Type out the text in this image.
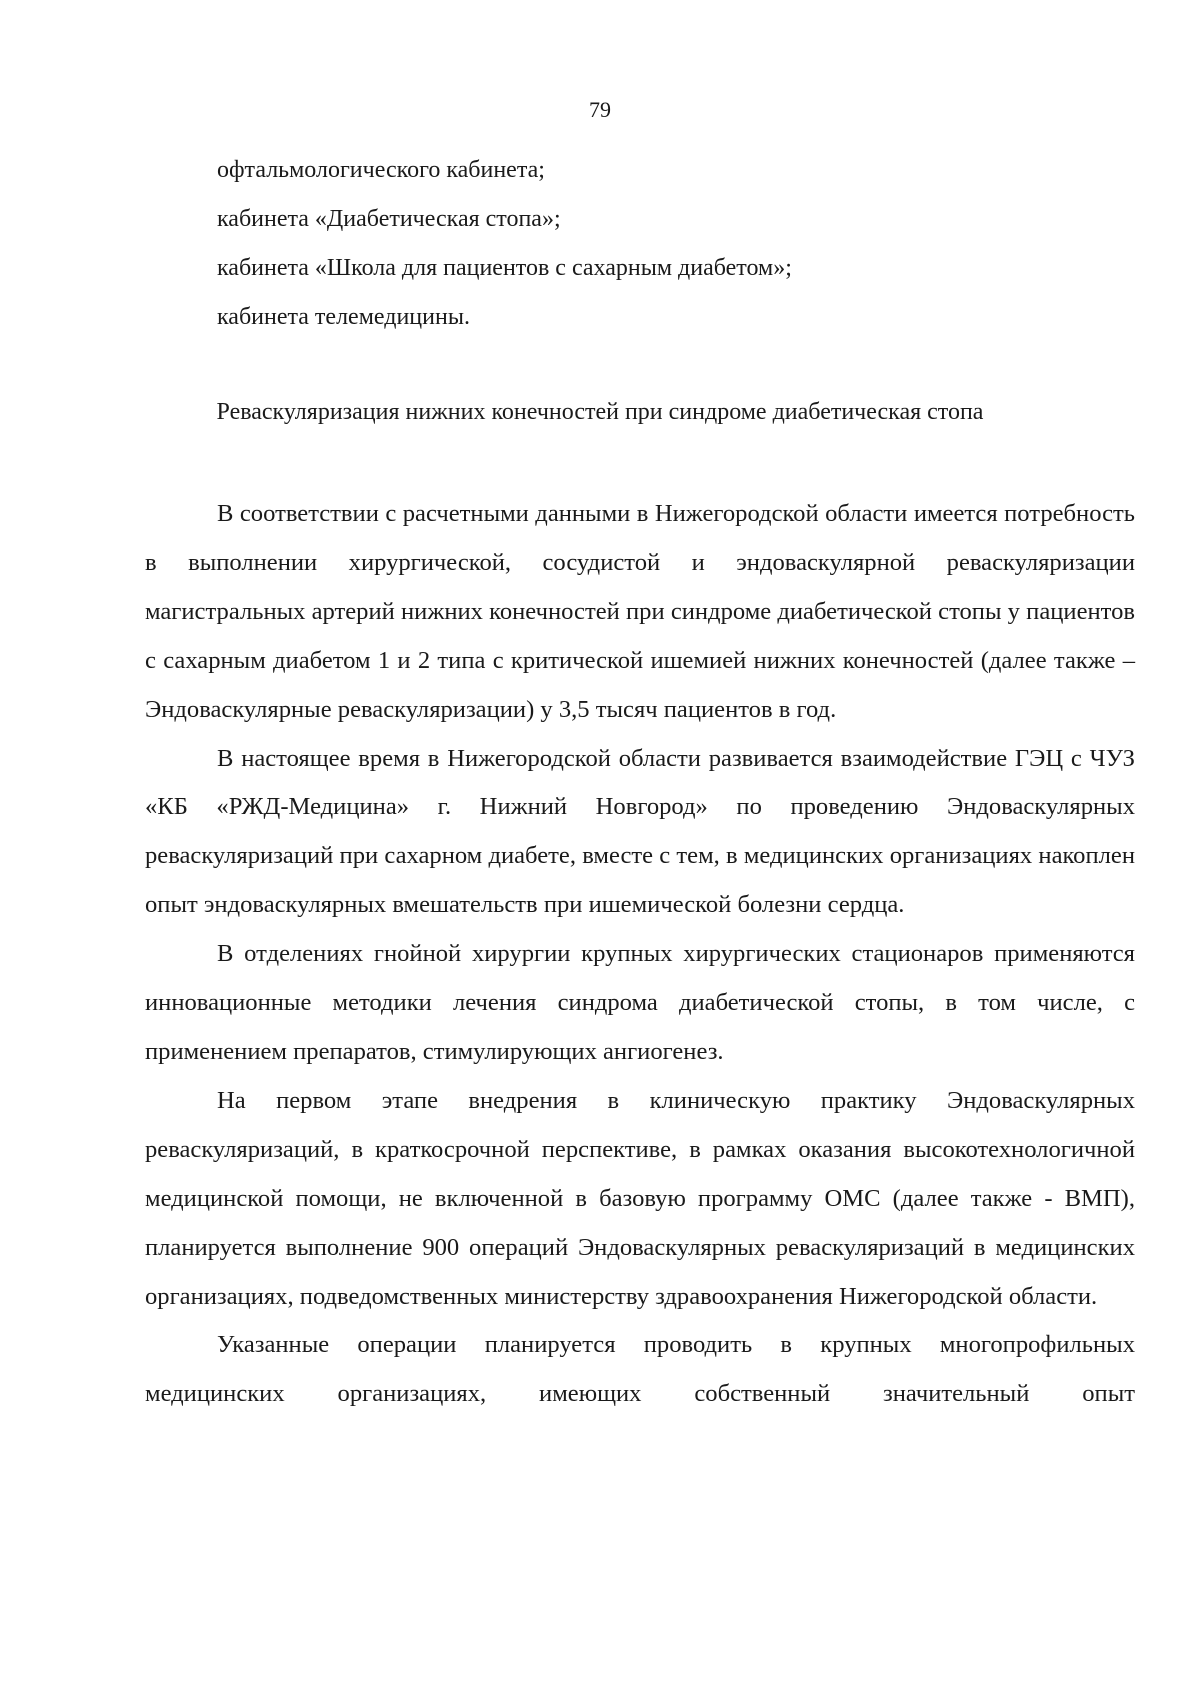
79

офтальмологического кабинета;

кабинета «Диабетическая стопа»;

кабинета «Школа для пациентов с сахарным диабетом»;

кабинета телемедицины.

Реваскуляризация нижних конечностей при синдроме диабетическая стопа

В соответствии с расчетными данными в Нижегородской области имеется потребность в выполнении хирургической, сосудистой и эндоваскулярной реваскуляризации магистральных артерий нижних конечностей при синдроме диабетической стопы у пациентов с сахарным диабетом 1 и 2 типа с критической ишемией нижних конечностей (далее также – Эндоваскулярные реваскуляризации) у 3,5 тысяч пациентов в год.

В настоящее время в Нижегородской области развивается взаимодействие ГЭЦ с ЧУЗ «КБ «РЖД-Медицина» г. Нижний Новгород» по проведению Эндоваскулярных реваскуляризаций при сахарном диабете, вместе с тем, в медицинских организациях накоплен опыт эндоваскулярных вмешательств при ишемической болезни сердца.

В отделениях гнойной хирургии крупных хирургических стационаров применяются инновационные методики лечения синдрома диабетической стопы, в том числе, с применением препаратов, стимулирующих ангиогенез.

На первом этапе внедрения в клиническую практику Эндоваскулярных реваскуляризаций, в краткосрочной перспективе, в рамках оказания высокотехнологичной медицинской помощи, не включенной в базовую программу ОМС (далее также - ВМП), планируется выполнение 900 операций Эндоваскулярных реваскуляризаций в медицинских организациях, подведомственных министерству здравоохранения Нижегородской области.

Указанные операции планируется проводить в крупных многопрофильных медицинских организациях, имеющих собственный значительный опыт
